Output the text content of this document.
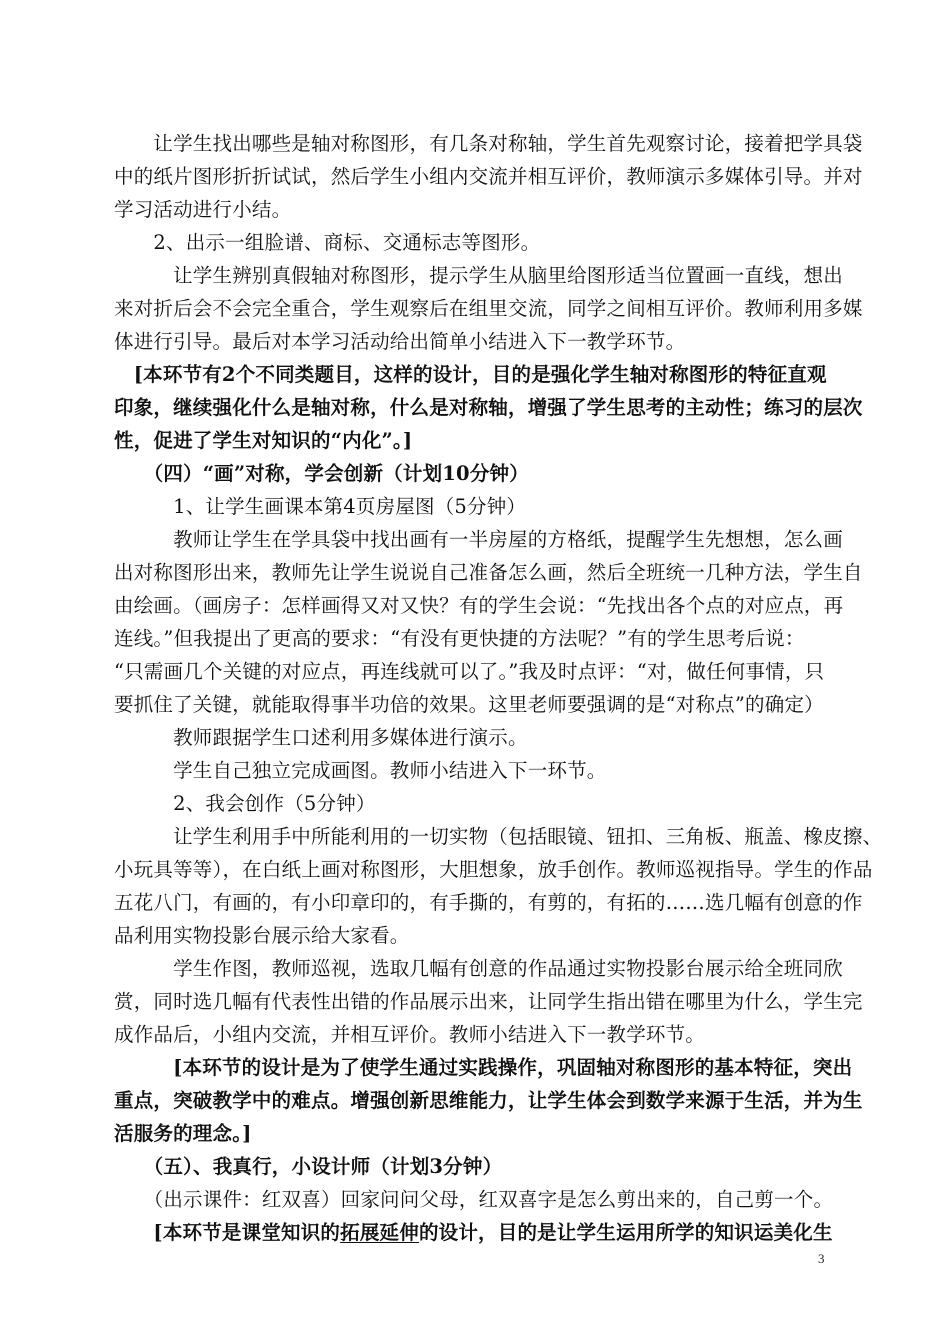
　　让学生找出哪些是轴对称图形，有几条对称轴，学生首先观察讨论，接着把学具袋
中的纸片图形折折试试，然后学生小组内交流并相互评价，教师演示多媒体引导。并对
学习活动进行小结。
　　2、出示一组脸谱、商标、交通标志等图形。
　　　让学生辨别真假轴对称图形，提示学生从脑里给图形适当位置画一直线，想出
来对折后会不会完全重合，学生观察后在组里交流，同学之间相互评价。教师利用多媒
体进行引导。最后对本学习活动给出简单小结进入下一教学环节。
　[本环节有2个不同类题目，这样的设计，目的是强化学生轴对称图形的特征直观
印象，继续强化什么是轴对称，什么是对称轴，增强了学生思考的主动性；练习的层次
性，促进了学生对知识的“内化”。]
　　（四）“画”对称，学会创新（计划10分钟）
　　　1、让学生画课本第4页房屋图（5分钟）
　　　教师让学生在学具袋中找出画有一半房屋的方格纸，提醒学生先想想，怎么画
出对称图形出来，教师先让学生说说自己准备怎么画，然后全班统一几种方法，学生自
由绘画。（画房子：怎样画得又对又快？有的学生会说：“先找出各个点的对应点，再
连线。”但我提出了更高的要求：“有没有更快捷的方法呢？”有的学生思考后说：
“只需画几个关键的对应点，再连线就可以了。”我及时点评：“对，做任何事情，只
要抓住了关键，就能取得事半功倍的效果。这里老师要强调的是“对称点”的确定）
　　　教师跟据学生口述利用多媒体进行演示。
　　　学生自己独立完成画图。教师小结进入下一环节。
　　　2、我会创作（5分钟）
　　　让学生利用手中所能利用的一切实物（包括眼镜、钮扣、三角板、瓶盖、橡皮擦、
小玩具等等），在白纸上画对称图形，大胆想象，放手创作。教师巡视指导。学生的作品
五花八门，有画的，有小印章印的，有手撕的，有剪的，有拓的……选几幅有创意的作
品利用实物投影台展示给大家看。
　　　学生作图，教师巡视，选取几幅有创意的作品通过实物投影台展示给全班同欣
赏，同时选几幅有代表性出错的作品展示出来，让同学生指出错在哪里为什么，学生完
成作品后，小组内交流，并相互评价。教师小结进入下一教学环节。
　　　[本环节的设计是为了使学生通过实践操作，巩固轴对称图形的基本特征，突出
重点，突破教学中的难点。增强创新思维能力，让学生体会到数学来源于生活，并为生
活服务的理念。]
　　（五）、我真行，小设计师（计划3分钟）
　　（出示课件：红双喜）回家问问父母，红双喜字是怎么剪出来的，自己剪一个。
　　[本环节是课堂知识的拓展延伸的设计，目的是让学生运用所学的知识运美化生
3
